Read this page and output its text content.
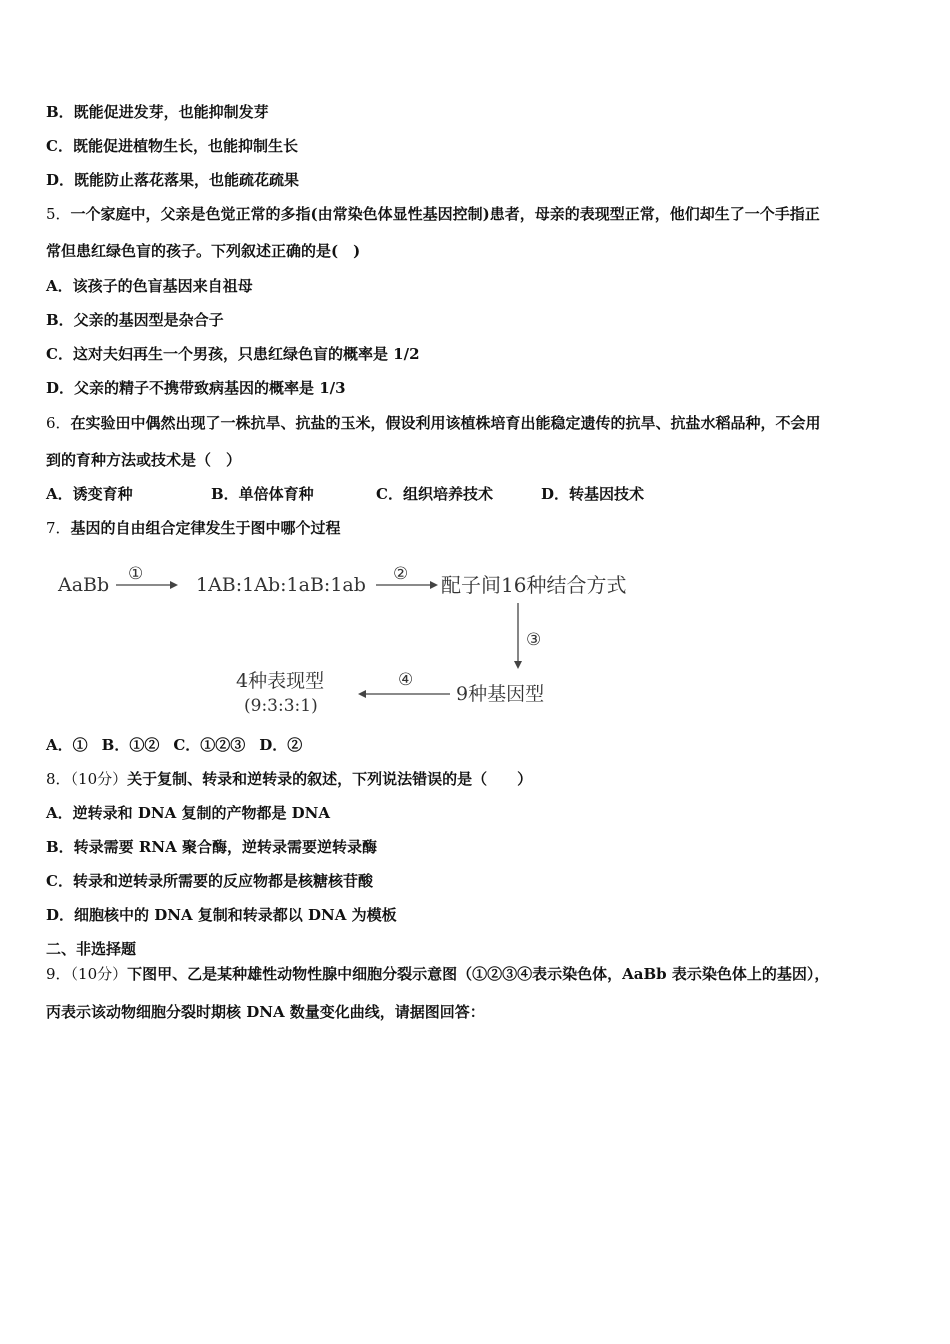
B．既能促进发芽，也能抑制发芽
C．既能促进植物生长，也能抑制生长
D．既能防止落花落果，也能疏花疏果
5．一个家庭中，父亲是色觉正常的多指(由常染色体显性基因控制)患者，母亲的表现型正常，他们却生了一个手指正
常但患红绿色盲的孩子。下列叙述正确的是(　)
A．该孩子的色盲基因来自祖母
B．父亲的基因型是杂合子
C．这对夫妇再生一个男孩，只患红绿色盲的概率是 1/2
D．父亲的精子不携带致病基因的概率是 1/3
6．在实验田中偶然出现了一株抗旱、抗盐的玉米，假设利用该植株培育出能稳定遗传的抗旱、抗盐水稻品种，不会用
到的育种方法或技术是（　）
A．诱变育种	B．单倍体育种	C．组织培养技术	D．转基因技术
7．基因的自由组合定律发生于图中哪个过程
AaBb ①	1AB:1Ab:1aB:1ab ② 配子间16种结合方式
③
9种基因型
④
4种表现型
(9:3:3:1)
A．① B．①② C．①②③ D．②
8．（10分）关于复制、转录和逆转录的叙述，下列说法错误的是（　　）
A．逆转录和 DNA 复制的产物都是 DNA
B．转录需要 RNA 聚合酶，逆转录需要逆转录酶
C．转录和逆转录所需要的反应物都是核糖核苷酸
D．细胞核中的 DNA 复制和转录都以 DNA 为模板
二、非选择题
9．（10分）下图甲、乙是某种雄性动物性腺中细胞分裂示意图（①②③④表示染色体，AaBb 表示染色体上的基因），
丙表示该动物细胞分裂时期核 DNA 数量变化曲线，请据图回答：
